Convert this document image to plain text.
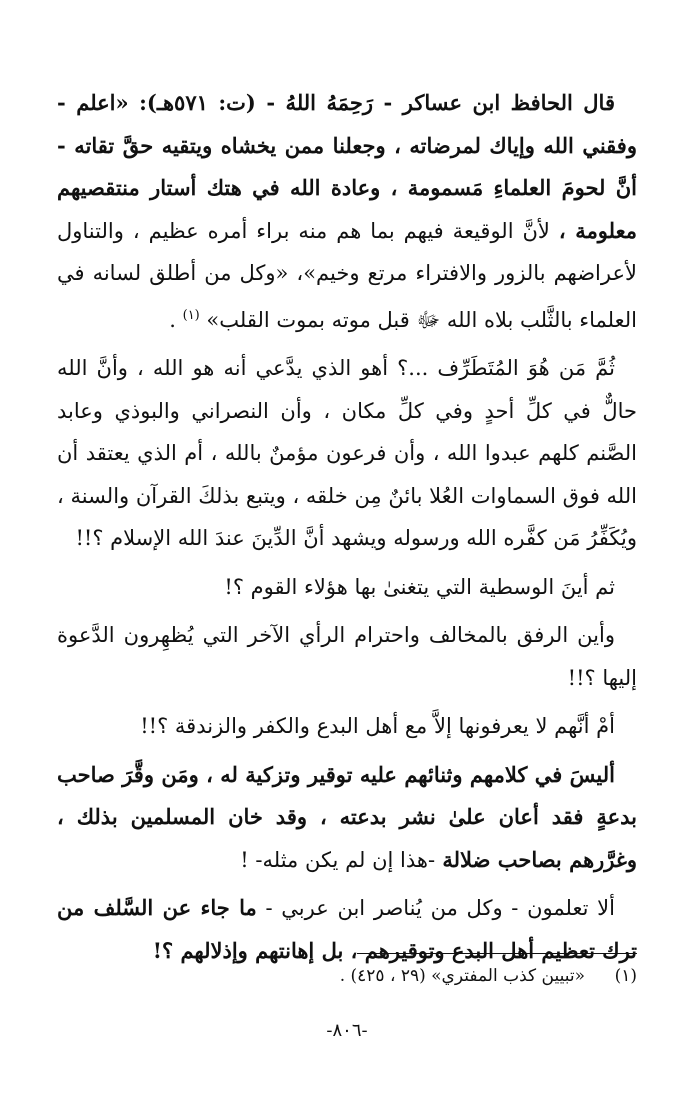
قال الحافظ ابن عساكر - رَحِمَهُ اللهُ - (ت: ٥٧١هـ): «اعلم - وفقني الله وإياك لمرضاته ، وجعلنا ممن يخشاه ويتقيه حقَّ تقاته - أنَّ لحومَ العلماءِ مَسمومة ، وعادة الله في هتك أستار منتقصيهم معلومة ، لأنَّ الوقيعة فيهم بما هم منه براء أمره عظيم ، والتناول لأعراضهم بالزور والافتراء مرتع وخيم»، «وكل من أطلق لسانه في العلماء بالثَّلب بلاه الله ﷻ قبل موته بموت القلب» $^{(١)}$ .

ثُمَّ مَن هُوَ المُتَطَرِّف ...؟ أهو الذي يدَّعي أنه هو الله ، وأنَّ الله حالٌّ في كلِّ أحدٍ وفي كلِّ مكان ، وأن النصراني والبوذي وعابد الصَّنم كلهم عبدوا الله ، وأن فرعون مؤمنٌ بالله ، أم الذي يعتقد أن الله فوق السماوات العُلا بائنٌ مِن خلقه ، ويتبع بذلكَ القرآن والسنة ، ويُكَفِّرُ مَن كفَّره الله ورسوله ويشهد أنَّ الدِّينَ عندَ الله الإسلام ؟!!

ثم أينَ الوسطية التي يتغنىٰ بها هؤلاء القوم ؟!

وأين الرفق بالمخالف واحترام الرأي الآخر التي يُظهِرون الدَّعوة إليها ؟!!

أمْ أنَّهم لا يعرفونها إلاَّ مع أهل البدع والكفر والزندقة ؟!!

أليسَ في كلامهم وثنائهم عليه توقير وتزكية له ، ومَن وقَّرَ صاحب بدعةٍ فقد أعان علىٰ نشر بدعته ، وقد خان المسلمين بذلك ، وغرَّرهم بصاحب ضلالة -هذا إن لم يكن مثله- !

ألا تعلمون - وكل من يُناصر ابن عربي - ما جاء عن السَّلف من ترك تعظيم أهل البدع وتوقيرهم ، بل إهانتهم وإذلالهم ؟!

(١)«تبيين كذب المفتري» (٢٩ ، ٤٢٥) .
-٨٠٦-
